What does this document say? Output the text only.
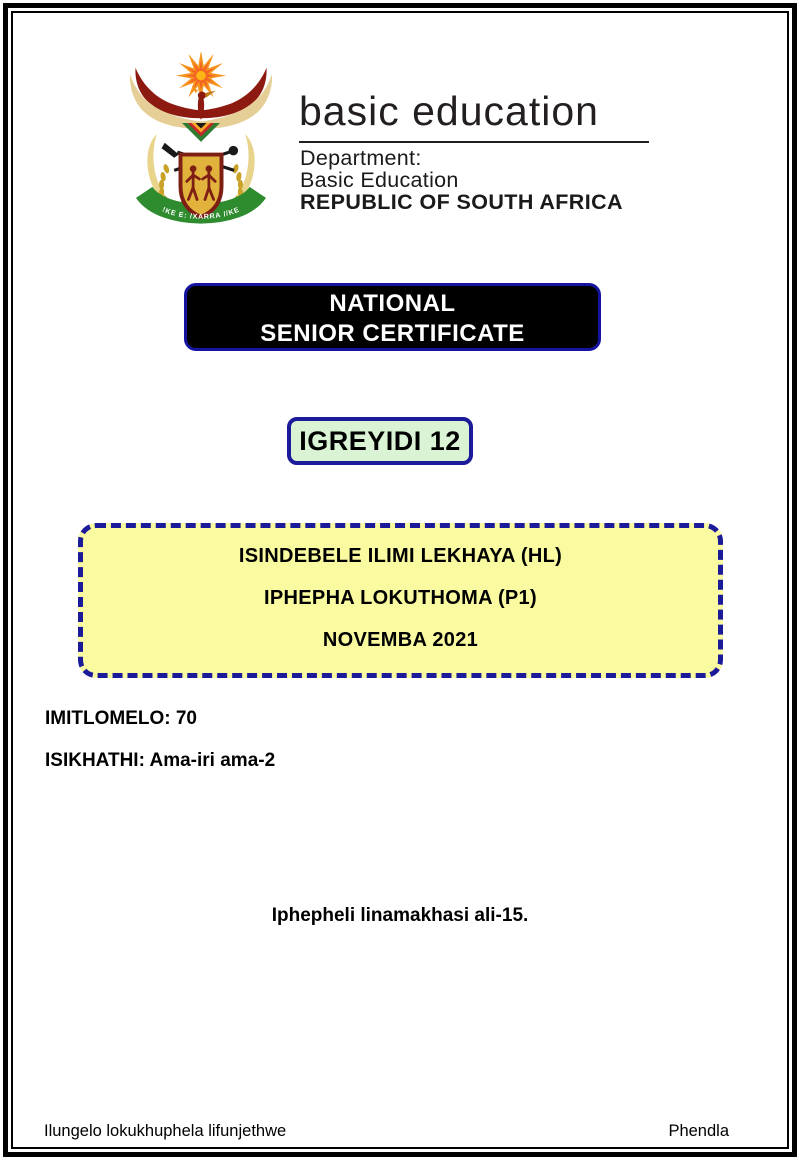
!KE E: /XARRA //KE
basic education
Department:
Basic Education
REPUBLIC OF SOUTH AFRICA
NATIONAL
SENIOR CERTIFICATE
IGREYIDI 12
ISINDEBELE ILIMI LEKHAYA (HL)
IPHEPHA LOKUTHOMA (P1)
NOVEMBA 2021
IMITLOMELO: 70
ISIKHATHI: Ama-iri ama-2
Iphepheli linamakhasi ali-15.
Ilungelo lokukhuphela lifunjethwe	Phendla
